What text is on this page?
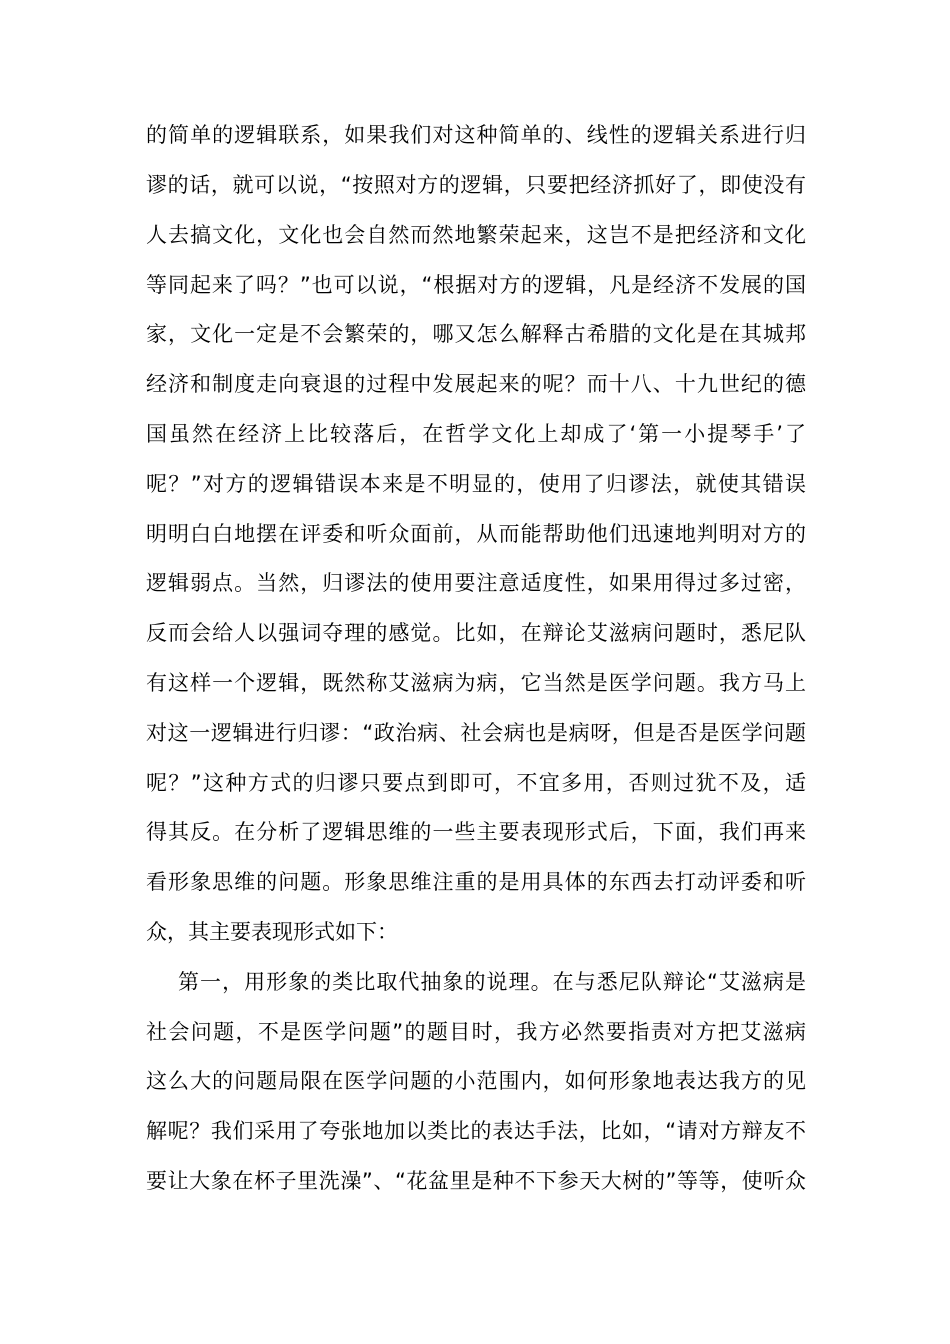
的简单的逻辑联系，如果我们对这种简单的、线性的逻辑关系进行归
谬的话，就可以说，“按照对方的逻辑，只要把经济抓好了，即使没有
人去搞文化，文化也会自然而然地繁荣起来，这岂不是把经济和文化
等同起来了吗？”也可以说，“根据对方的逻辑，凡是经济不发展的国
家，文化一定是不会繁荣的，哪又怎么解释古希腊的文化是在其城邦
经济和制度走向衰退的过程中发展起来的呢？而十八、十九世纪的德
国虽然在经济上比较落后，在哲学文化上却成了‘第一小提琴手’了
呢？”对方的逻辑错误本来是不明显的，使用了归谬法，就使其错误
明明白白地摆在评委和听众面前，从而能帮助他们迅速地判明对方的
逻辑弱点。当然，归谬法的使用要注意适度性，如果用得过多过密，
反而会给人以强词夺理的感觉。比如，在辩论艾滋病问题时，悉尼队
有这样一个逻辑，既然称艾滋病为病，它当然是医学问题。我方马上
对这一逻辑进行归谬：“政治病、社会病也是病呀，但是否是医学问题
呢？”这种方式的归谬只要点到即可，不宜多用，否则过犹不及，适
得其反。在分析了逻辑思维的一些主要表现形式后，下面，我们再来
看形象思维的问题。形象思维注重的是用具体的东西去打动评委和听
众，其主要表现形式如下：
第一，用形象的类比取代抽象的说理。在与悉尼队辩论“艾滋病是
社会问题，不是医学问题”的题目时，我方必然要指责对方把艾滋病
这么大的问题局限在医学问题的小范围内，如何形象地表达我方的见
解呢？我们采用了夸张地加以类比的表达手法，比如，“请对方辩友不
要让大象在杯子里洗澡”、“花盆里是种不下参天大树的”等等，使听众
